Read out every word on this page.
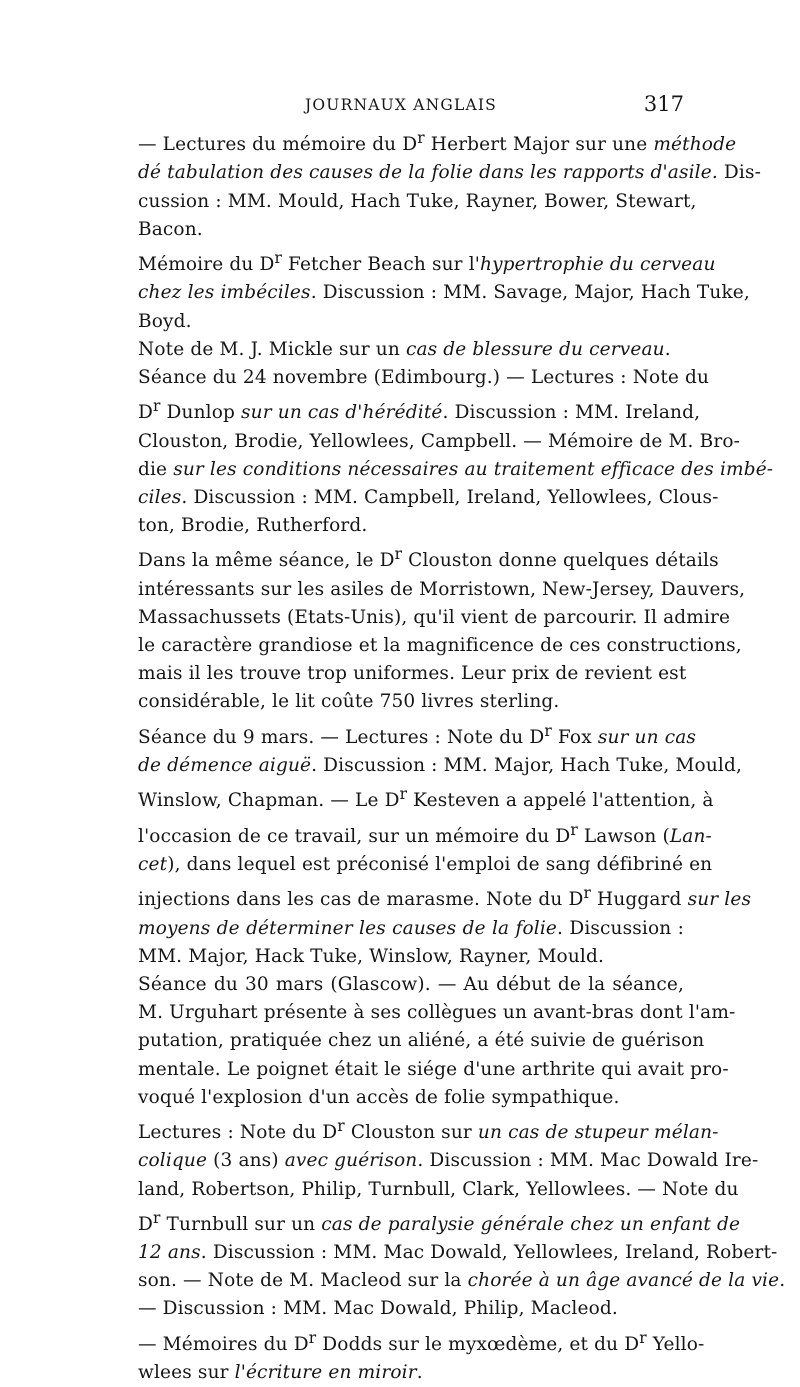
JOURNAUX ANGLAIS	317

— Lectures du mémoire du $D^r$ Herbert Major sur une méthode
dé tabulation des causes de la folie dans les rapports d'asile. Dis-
cussion : MM. Mould, Hach Tuke, Rayner, Bower, Stewart,
Bacon.

Mémoire du $D^r$ Fetcher Beach sur l'hypertrophie du cerveau
chez les imbéciles. Discussion : MM. Savage, Major, Hach Tuke,
Boyd.

Note de M. J. Mickle sur un cas de blessure du cerveau.

Séance du 24 novembre (Edimbourg.) — Lectures : Note du
$D^r$ Dunlop sur un cas d'hérédité. Discussion : MM. Ireland,
Clouston, Brodie, Yellowlees, Campbell. — Mémoire de M. Bro-
die sur les conditions nécessaires au traitement efficace des imbé-
ciles. Discussion : MM. Campbell, Ireland, Yellowlees, Clous-
ton, Brodie, Rutherford.

Dans la même séance, le $D^r$ Clouston donne quelques détails
intéressants sur les asiles de Morristown, New-Jersey, Dauvers,
Massachussets (Etats-Unis), qu'il vient de parcourir. Il admire
le caractère grandiose et la magnificence de ces constructions,
mais il les trouve trop uniformes. Leur prix de revient est
considérable, le lit coûte 750 livres sterling.

Séance du 9 mars. — Lectures : Note du $D^r$ Fox sur un cas
de démence aiguë. Discussion : MM. Major, Hach Tuke, Mould,
Winslow, Chapman. — Le $D^r$ Kesteven a appelé l'attention, à
l'occasion de ce travail, sur un mémoire du $D^r$ Lawson (Lan-
cet), dans lequel est préconisé l'emploi de sang défibriné en
injections dans les cas de marasme. Note du $D^r$ Huggard sur les
moyens de déterminer les causes de la folie. Discussion :
MM. Major, Hack Tuke, Winslow, Rayner, Mould.

Séance du 30 mars (Glascow). — Au début de la séance,
M. Urguhart présente à ses collègues un avant-bras dont l'am-
putation, pratiquée chez un aliéné, a été suivie de guérison
mentale. Le poignet était le siége d'une arthrite qui avait pro-
voqué l'explosion d'un accès de folie sympathique.

Lectures : Note du $D^r$ Clouston sur un cas de stupeur mélan-
colique (3 ans) avec guérison. Discussion : MM. Mac Dowald Ire-
land, Robertson, Philip, Turnbull, Clark, Yellowlees. — Note du
$D^r$ Turnbull sur un cas de paralysie générale chez un enfant de
12 ans. Discussion : MM. Mac Dowald, Yellowlees, Ireland, Robert-
son. — Note de M. Macleod sur la chorée à un âge avancé de la vie.
— Discussion : MM. Mac Dowald, Philip, Macleod.

— Mémoires du $D^r$ Dodds sur le myxœdème, et du $D^r$ Yello-
wlees sur l'écriture en miroir.
